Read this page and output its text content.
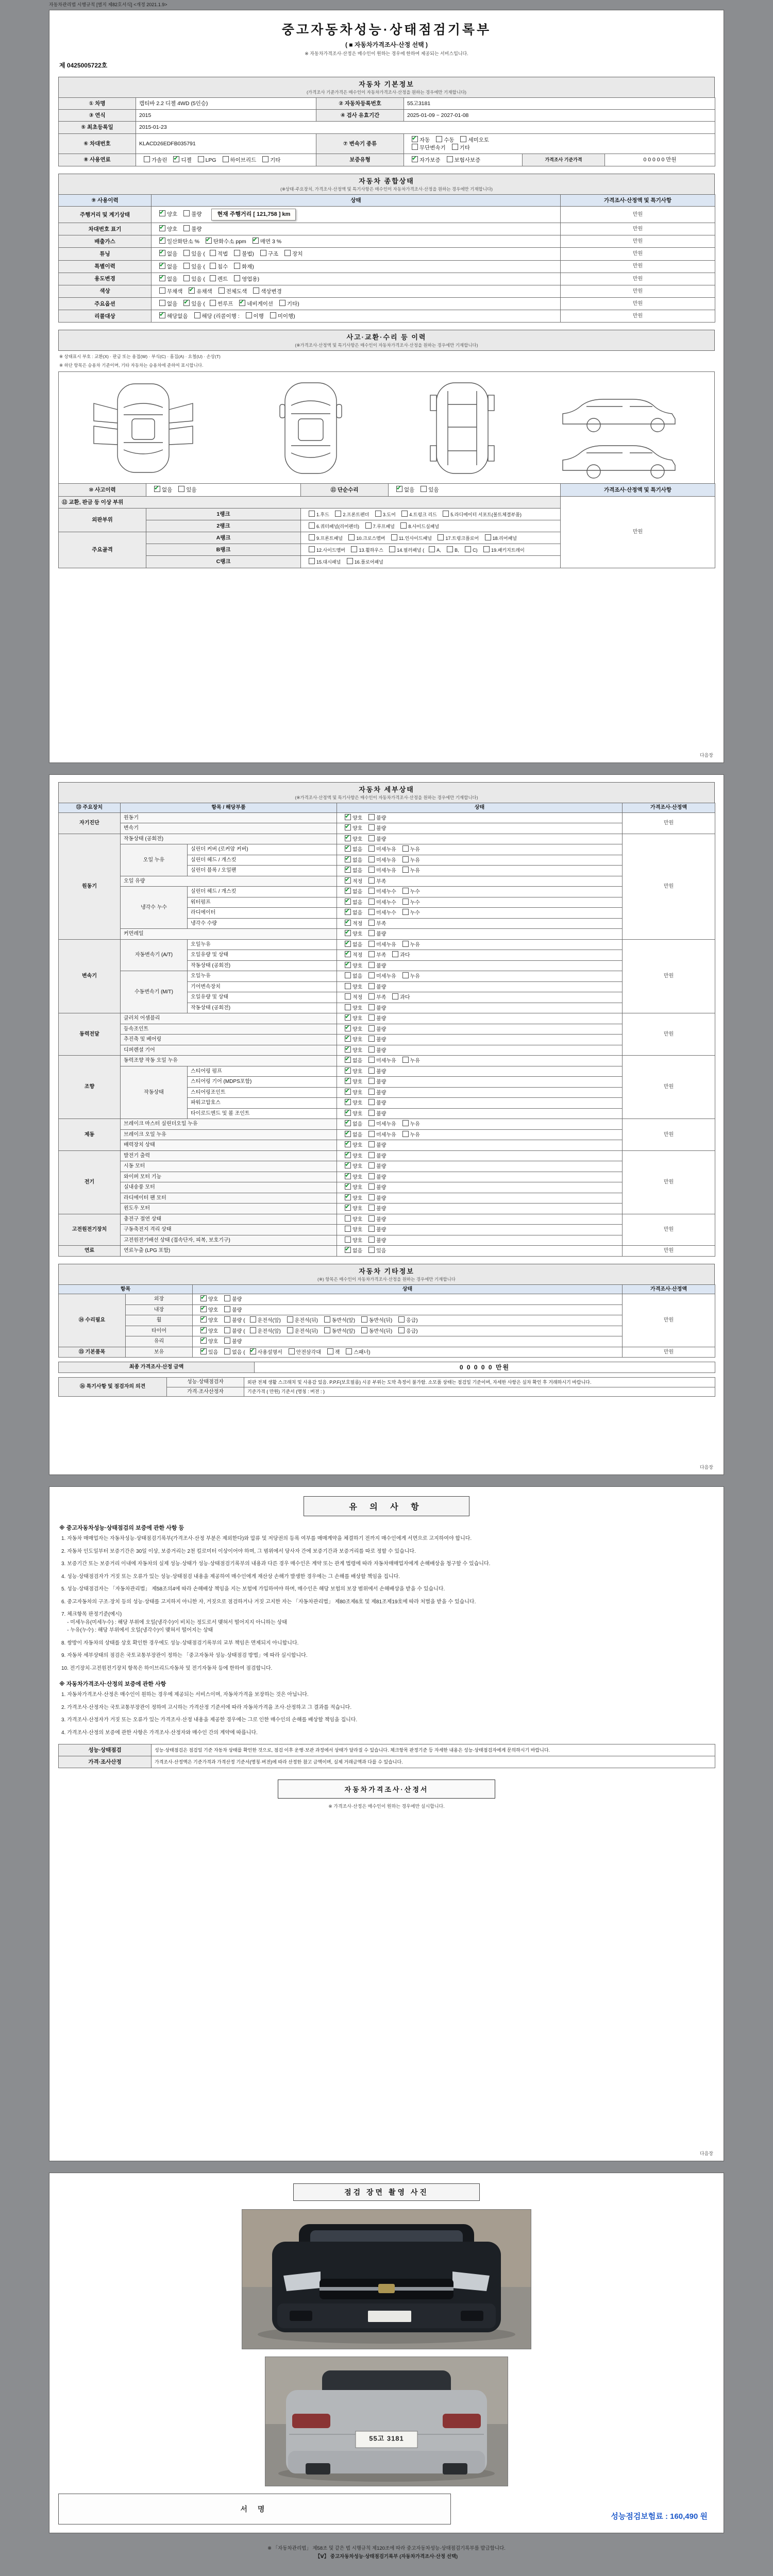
자동차관리법 시행규칙 [별지 제82호서식] <개정 2021.1.9>
중고자동차성능·상태점검기록부
( ■ 자동차가격조사·산정 선택 )
※ 자동차가격조사·산정은 매수인이 원하는 경우에 한하여 제공되는 서비스입니다.
제 0425005722호
자동차 기본정보
(가격조사 기준가격은 매수인이 자동차가격조사·산정을 원하는 경우에만 기재합니다)
① 차명	캡티바 2.2 디젤 4WD (5인승)	② 자동차등록번호	55고3181		
③ 연식	2015	④ 검사 유효기간	2025-01-09 ~ 2027-01-08		
⑤ 최초등록일	2015-01-23				
⑥ 차대번호	KLACD26EDFB035791	⑦ 변속기 종류	✔자동 수동 세미오토
무단변속기 기타
⑧ 사용연료	가솔린 ✔디젤 LPG 하이브리드 기타	보증유형	✔자가보증 보험사보증	가격조사 기준가격	0 0 0 0 0 만원
자동차 종합상태
(※상태·주요장치, 가격조사·산정액 및 특기사항은 매수인이 자동차가격조사·산정을 원하는 경우에만 기재합니다)
⑨ 사용이력	상태	가격조사·산정액 및 특기사항
주행거리 및 계기상태	✔양호 불량 현재 주행거리 [ 121,758 ] km	만원
차대번호 표기	✔양호 불량	만원
배출가스	✔일산화탄소 % ✔탄화수소 ppm ✔매연 3 %	만원
튜닝	✔없음 있음 ( 적법 불법) 구조 장치	만원
특별이력	✔없음 있음 ( 침수 화재)	만원
용도변경	✔없음 있음 ( 렌트 영업용)	만원
색상	무채색 ✔유채색 전체도색 색상변경	만원
주요옵션	없음 ✔있음 ( 썬루프 ✔네비게이션 기타)	만원
리콜대상	✔해당없음 해당 (리콜이행 : 이행 미이행)	만원
사고·교환·수리 등 이력
(※가격조사·산정액 및 특기사항은 매수인이 자동차가격조사·산정을 원하는 경우에만 기재합니다)
※ 상태표시 부호 : 교환(X) · 판금 또는 용접(W) · 부식(C) · 흠집(A) · 요철(U) · 손상(T)
※ 하단 항목은 승용차 기준이며, 기타 자동차는 승용차에 준하여 표시합니다.
⑩ 사고이력	✔없음 있음	⑪ 단순수리	✔없음 있음	가격조사·산정액 및 특기사항
⑫ 교환, 판금 등 이상 부위				만원
외판부위	1랭크	1.후드 2.프론트펜더 3.도어 4.트렁크 리드 5.라디에이터 서포트(볼트체결부품)		
	2랭크	6.쿼터패널(리어펜더) 7.루프패널 8.사이드실패널		
주요골격	A랭크	9.프론트패널 10.크로스멤버 11.인사이드패널 17.트렁크플로어 18.리어패널		
	B랭크	12.사이드멤버 13.휠하우스 14.필러패널 ( A, B, C) 19.패키지트레이		
	C랭크	15.대시패널 16.플로어패널		
다음장
자동차 세부상태
(※가격조사·산정액 및 특기사항은 매수인이 자동차가격조사·산정을 원하는 경우에만 기재합니다)
⑬ 주요장치	항목 / 해당부품		상태	가격조사·산정액
자기진단	원동기	✔양호 불량	만원
	변속기	✔양호 불량
원동기	작동상태 (공회전)	✔양호 불량	만원
	오일 누유	실린더 커버 (로커암 커버)	✔없음 미세누유 누유
		실린더 헤드 / 개스킷	✔없음 미세누유 누유
		실린더 블록 / 오일팬	✔없음 미세누유 누유
	오일 유량	✔적정 부족
	냉각수 누수	실린더 헤드 / 개스킷	✔없음 미세누수 누수
		워터펌프	✔없음 미세누수 누수
		라디에이터	✔없음 미세누수 누수
		냉각수 수량	✔적정 부족
	커먼레일	✔양호 불량
변속기	자동변속기 (A/T)	오일누유	✔없음 미세누유 누유	만원
		오일유량 및 상태	✔적정 부족 과다
		작동상태 (공회전)	✔양호 불량
	수동변속기 (M/T)	오일누유	없음 미세누유 누유	
		기어변속장치	양호 불량	
		오일유량 및 상태	적정 부족 과다	
		작동상태 (공회전)	양호 불량	
동력전달	클러치 어셈블리	✔양호 불량	만원
	등속조인트	✔양호 불량
	추진축 및 베어링	✔양호 불량
	디퍼렌셜 기어	✔양호 불량
조향	동력조향 작동 오일 누유	✔없음 미세누유 누유	만원
	작동상태	스티어링 펌프	✔양호 불량
		스티어링 기어 (MDPS포함)	✔양호 불량
		스티어링조인트	✔양호 불량
		파워고압호스	✔양호 불량
		타이로드엔드 및 볼 조인트	✔양호 불량
제동	브레이크 마스터 실린더오일 누유	✔없음 미세누유 누유	만원
	브레이크 오일 누유	✔없음 미세누유 누유
	배력장치 상태	✔양호 불량
전기	발전기 출력	✔양호 불량	만원
	시동 모터	✔양호 불량
	와이퍼 모터 기능	✔양호 불량
	실내송풍 모터	✔양호 불량
	라디에이터 팬 모터	✔양호 불량
	윈도우 모터	✔양호 불량
고전원전기장치	충전구 절연 상태		양호 불량	만원
	구동축전지 격리 상태		양호 불량	
	고전원전기배선 상태 (접속단자, 피복, 보호기구)		양호 불량	
연료	연료누출 (LPG 포함)	✔없음 있음	만원
자동차 기타정보
(※) 항목은 매수인이 자동차가격조사·산정을 원하는 경우에만 기재합니다
항목		상태	가격조사·산정액
⑭ 수리필요	외장	✔양호 불량	만원
	내장	✔양호 불량
	휠	✔양호 불량 ( 운전석(앞) 운전석(뒤) 동반석(앞) 동반석(뒤) 응급)
	타이어	✔양호 불량 ( 운전석(앞) 운전석(뒤) 동반석(앞) 동반석(뒤) 응급)
	유리	✔양호 불량
⑮ 기본품목	보유	✔있음 없음 ( ✔ 사용설명서 안전삼각대 잭 스패너)	만원
최종 가격조사·산정 금액	0 0 0 0 0 만원
⑯ 특기사항 및 점검자의 의견	성능·상태점검자	외판 전체 생활 스크래치 및 사용감 있음. P.P.F(보호필름) 시공 부위는 도막 측정이 불가함. 소모품 상태는 점검일 기준이며, 자세한 사항은 실차 확인 후 거래하시기 바랍니다.
	가격·조사산정자	기준가격 ( 만원) 기준서 (명칭 : 버전 : )
다음장
유 의 사 항
※ 중고자동차성능·상태점검의 보증에 관한 사항 등
1. 자동차 매매업자는 자동차성능·상태점검기록부(가격조사·산정 부분은 제외한다)와 압류 및 저당권의 등록 여부를 매매계약을 체결하기 전까지 매수인에게 서면으로 고지하여야 합니다.
2. 자동차 인도일부터 보증기간은 30일 이상, 보증거리는 2천 킬로미터 이상이어야 하며, 그 범위에서 당사자 간에 보증기간과 보증거리를 따로 정할 수 있습니다.
3. 보증기간 또는 보증거리 이내에 자동차의 실제 성능·상태가 성능·상태점검기록부의 내용과 다른 경우 매수인은 계약 또는 관계 법령에 따라 자동차매매업자에게 손해배상을 청구할 수 있습니다.
4. 성능·상태점검자가 거짓 또는 오류가 있는 성능·상태점검 내용을 제공하여 매수인에게 재산상 손해가 발생한 경우에는 그 손해를 배상할 책임을 집니다.
5. 성능·상태점검자는 「자동차관리법」 제58조의4에 따라 손해배상 책임을 지는 보험에 가입하여야 하며, 매수인은 해당 보험의 보장 범위에서 손해배상을 받을 수 있습니다.
6. 중고자동차의 구조·장치 등의 성능·상태를 고지하지 아니한 자, 거짓으로 점검하거나 거짓 고지한 자는 「자동차관리법」 제80조제6호 및 제81조제19호에 따라 처벌을 받을 수 있습니다.
7. 체크항목 판정기준(예시)
- 미세누유(미세누수) : 해당 부위에 오일(냉각수)이 비치는 정도로서 맺혀서 떨어지지 아니하는 상태
- 누유(누수) : 해당 부위에서 오일(냉각수)이 맺혀서 떨어지는 상태
8. 쌍방이 자동차의 상태를 상호 확인한 경우에도 성능·상태점검기록부의 교부 책임은 면제되지 아니합니다.
9. 자동차 세부상태의 점검은 국토교통부장관이 정하는 「중고자동차 성능·상태점검 방법」에 따라 실시합니다.
10. 전기장치·고전원전기장치 항목은 하이브리드자동차 및 전기자동차 등에 한하여 점검합니다.
※ 자동차가격조사·산정의 보증에 관한 사항
1. 자동차가격조사·산정은 매수인이 원하는 경우에 제공되는 서비스이며, 자동차가격을 보장하는 것은 아닙니다.
2. 가격조사·산정자는 국토교통부장관이 정하여 고시하는 가격산정 기준서에 따라 자동차가격을 조사·산정하고 그 결과를 적습니다.
3. 가격조사·산정자가 거짓 또는 오류가 있는 가격조사·산정 내용을 제공한 경우에는 그로 인한 매수인의 손해를 배상할 책임을 집니다.
4. 가격조사·산정의 보증에 관한 사항은 가격조사·산정자와 매수인 간의 계약에 따릅니다.
성능·상태점검	성능·상태점검은 점검일 기준 자동차 상태를 확인한 것으로, 점검 이후 운행·보관 과정에서 상태가 달라질 수 있습니다. 체크항목 판정기준 등 자세한 내용은 성능·상태점검자에게 문의하시기 바랍니다.
가격·조사산정	가격조사·산정액은 기준가격과 가격산정 기준서(명칭·버전)에 따라 산정한 참고 금액이며, 실제 거래금액과 다를 수 있습니다.
자동차가격조사·산정서
※ 가격조사·산정은 매수인이 원하는 경우에만 실시합니다.
다음장
점검 장면 촬영 사진
55고 3181
서 명
성능점검보험료 : 160,490 원
※ 「자동차관리법」 제58조 및 같은 법 시행규칙 제120조에 따라 중고자동차성능·상태점검기록부를 발급합니다.
【Ⅴ】 중고자동차성능·상태점검기록부 (자동차가격조사·산정 선택)
